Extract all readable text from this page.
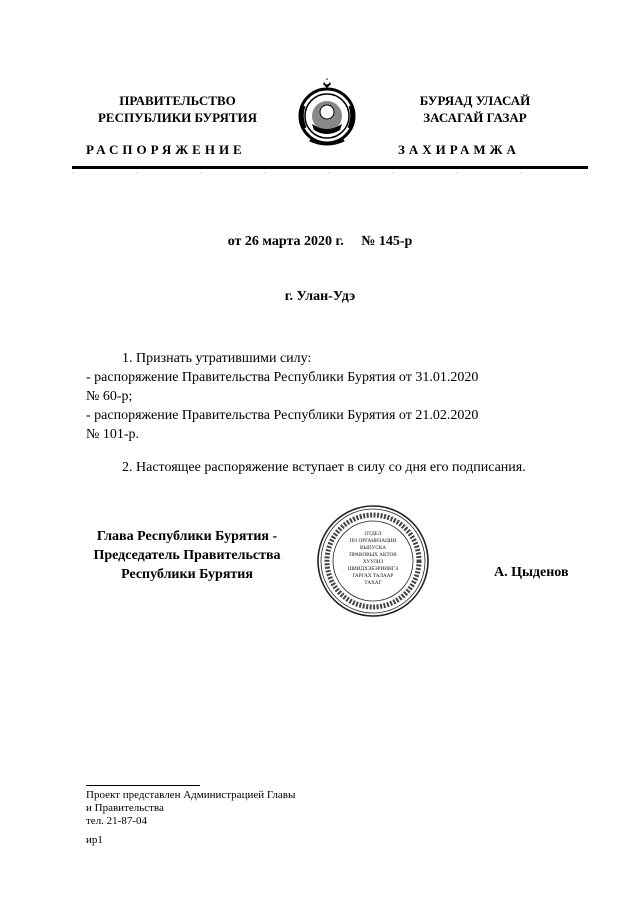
ПРАВИТЕЛЬСТВО
РЕСПУБЛИКИ БУРЯТИЯ
БУРЯАД УЛАСАЙ
ЗАСАГАЙ ГАЗАР
РАСПОРЯЖЕНИЕ	ЗАХИРАМЖА
от 26 марта 2020 г. № 145-р
г. Улан-Удэ

1. Признать утратившими силу:

- распоряжение Правительства Республики Бурятия от 31.01.2020

№ 60-р;

- распоряжение Правительства Республики Бурятия от 21.02.2020

№ 101-р.

2. Настоящее распоряжение вступает в силу со дня его подписания.

Глава Республики Бурятия -
Председатель Правительства
Республики Бурятия
ОТДЕЛ
ПО ОРГАНИЗАЦИИ
ВЫПУСКА
ПРАВОВЫХ АКТОВ
ХУУЛИЗ
ШИИДХЭБЭРИИНГЭ
ГАРГАХ ТАЛААР
ТАХАГ
А. Цыденов
Проект представлен Администрацией Главы
и Правительства
тел. 21-87-04
ир1
